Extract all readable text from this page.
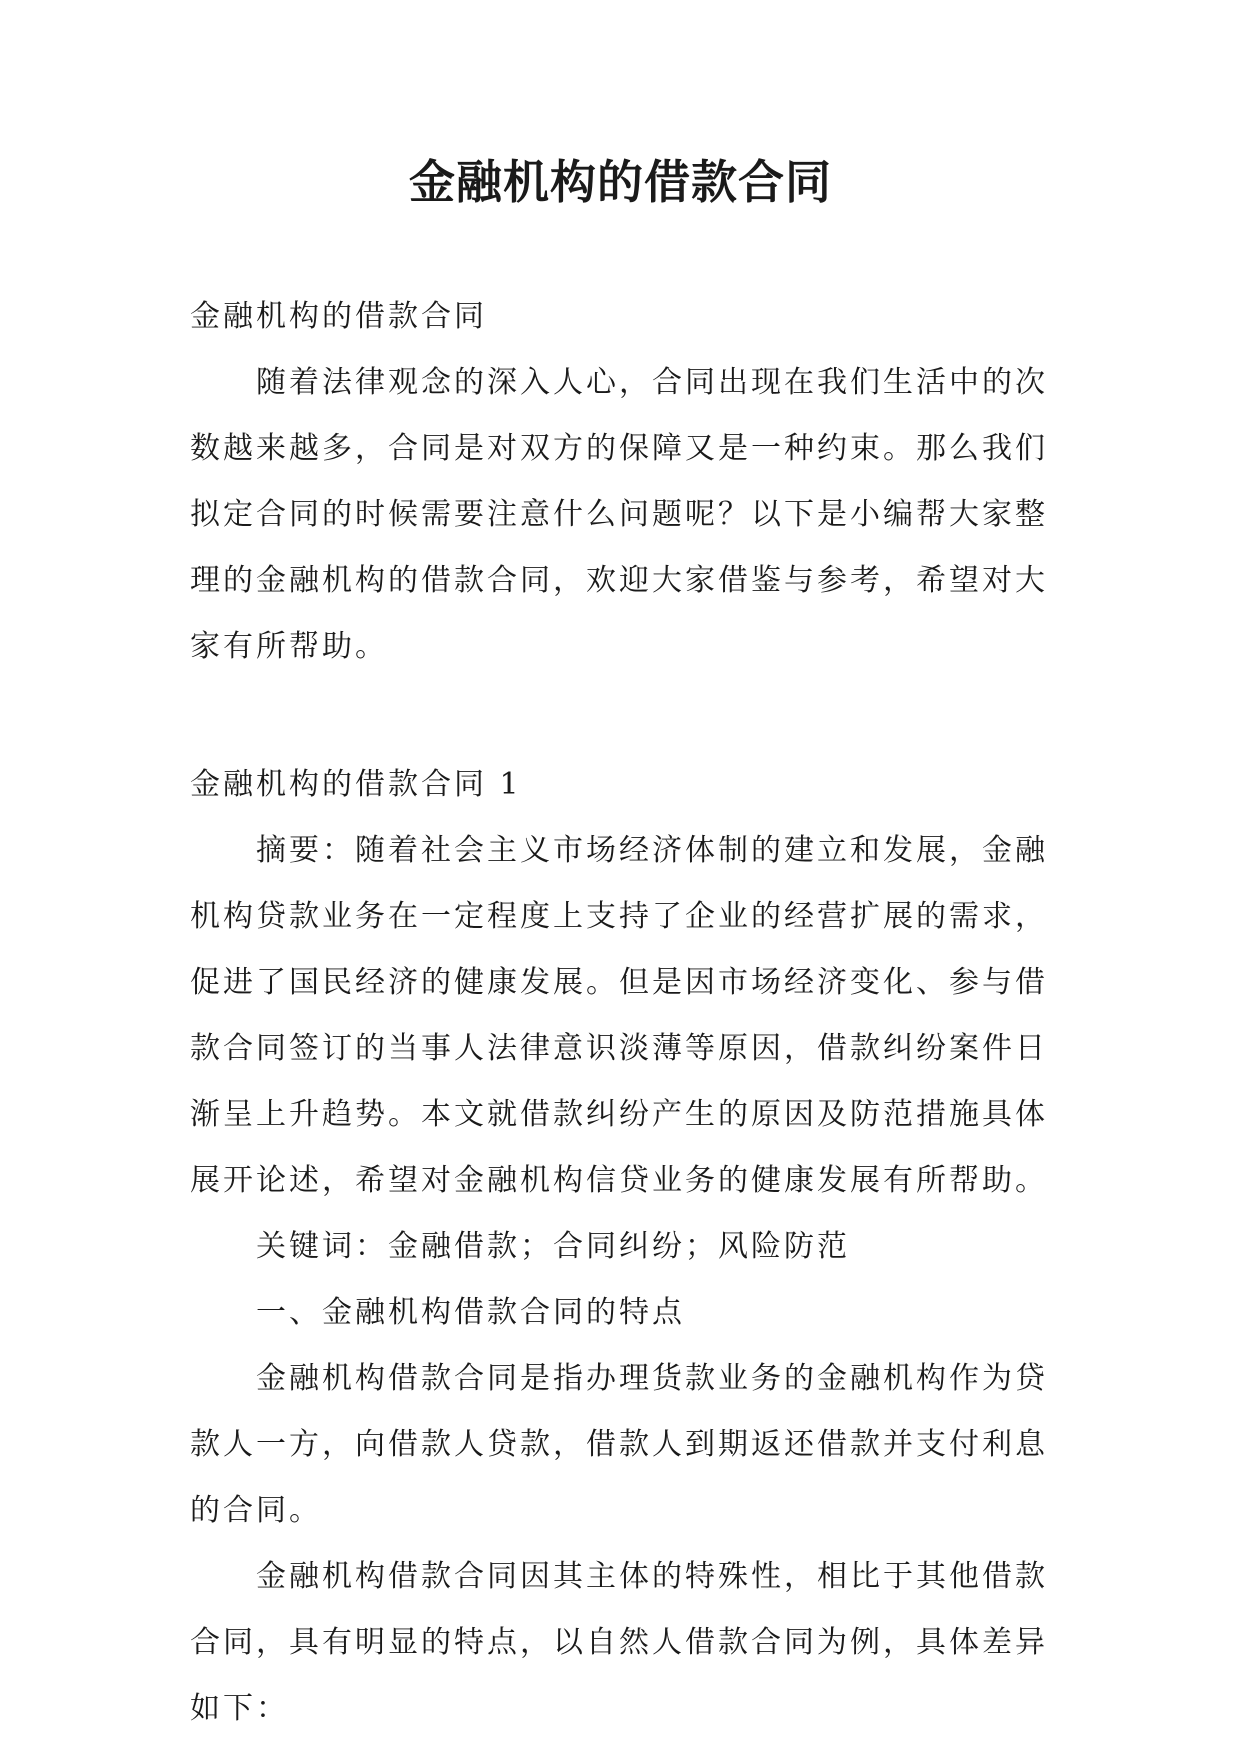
金融机构的借款合同

金融机构的借款合同

随着法律观念的深入人心，合同出现在我们生活中的次数越来越多，合同是对双方的保障又是一种约束。那么我们拟定合同的时候需要注意什么问题呢？以下是小编帮大家整理的金融机构的借款合同，欢迎大家借鉴与参考，希望对大家有所帮助。

金融机构的借款合同 1

摘要：随着社会主义市场经济体制的建立和发展，金融机构贷款业务在一定程度上支持了企业的经营扩展的需求，促进了国民经济的健康发展。但是因市场经济变化、参与借款合同签订的当事人法律意识淡薄等原因，借款纠纷案件日渐呈上升趋势。本文就借款纠纷产生的原因及防范措施具体展开论述，希望对金融机构信贷业务的健康发展有所帮助。

关键词：金融借款；合同纠纷；风险防范

一、金融机构借款合同的特点

金融机构借款合同是指办理货款业务的金融机构作为贷款人一方，向借款人贷款，借款人到期返还借款并支付利息的合同。

金融机构借款合同因其主体的特殊性，相比于其他借款合同，具有明显的特点，以自然人借款合同为例，具体差异如下：
